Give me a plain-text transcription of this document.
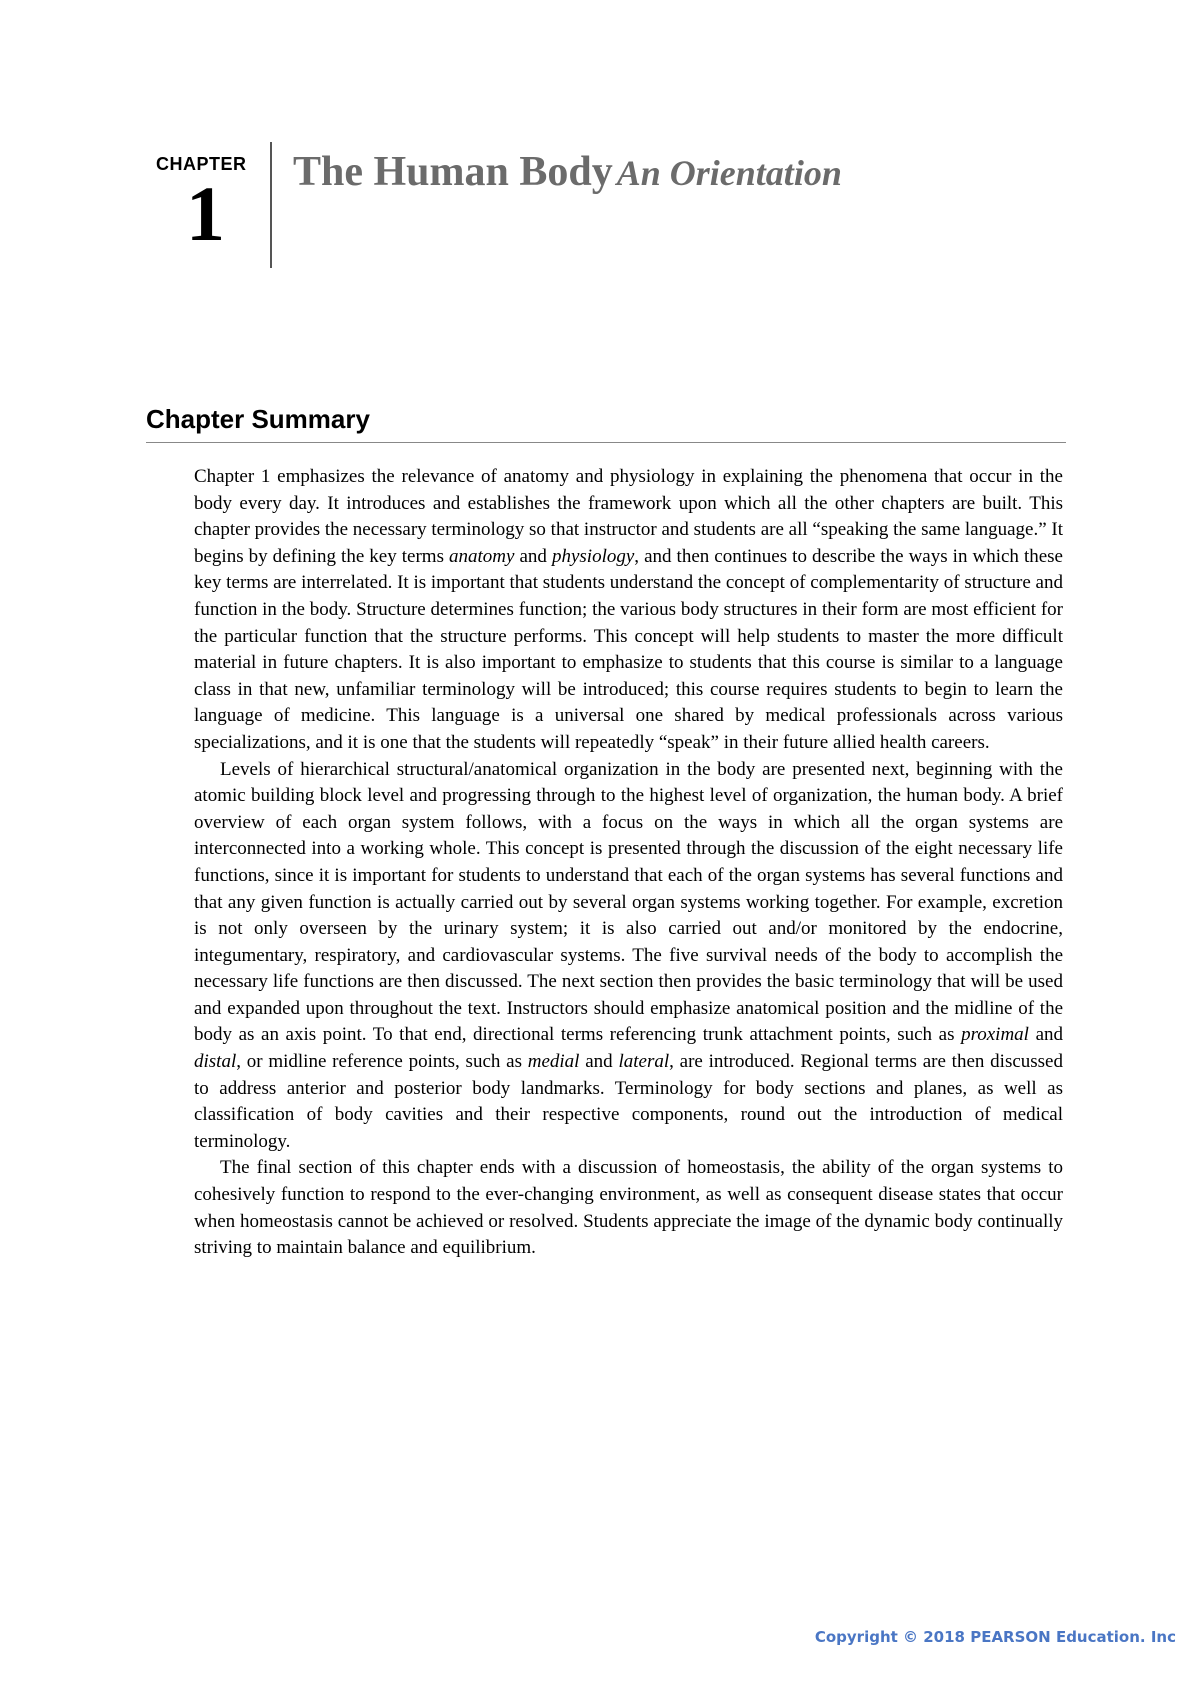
CHAPTER
1	The Human Body An Orientation
Chapter Summary

Chapter 1 emphasizes the relevance of anatomy and physiology in explaining the phenomena that occur in the body every day. It introduces and establishes the framework upon which all the other chapters are built. This chapter provides the necessary terminology so that instructor and students are all “speaking the same language.” It begins by defining the key terms anatomy and physiology, and then continues to describe the ways in which these key terms are interrelated. It is important that students understand the concept of complementarity of structure and function in the body. Structure determines function; the various body structures in their form are most efficient for the particular function that the structure performs. This concept will help students to master the more difficult material in future chapters. It is also important to emphasize to students that this course is similar to a language class in that new, unfamiliar terminology will be introduced; this course requires students to begin to learn the language of medicine. This language is a universal one shared by medical professionals across various specializations, and it is one that the students will repeatedly “speak” in their future allied health careers.

Levels of hierarchical structural/anatomical organization in the body are presented next, beginning with the atomic building block level and progressing through to the highest level of organization, the human body. A brief overview of each organ system follows, with a focus on the ways in which all the organ systems are interconnected into a working whole. This concept is presented through the discussion of the eight necessary life functions, since it is important for students to understand that each of the organ systems has several functions and that any given function is actually carried out by several organ systems working together. For example, excretion is not only overseen by the urinary system; it is also carried out and/or monitored by the endocrine, integumentary, respiratory, and cardiovascular systems. The five survival needs of the body to accomplish the necessary life functions are then discussed. The next section then provides the basic terminology that will be used and expanded upon throughout the text. Instructors should emphasize anatomical position and the midline of the body as an axis point. To that end, directional terms referencing trunk attachment points, such as proximal and distal, or midline reference points, such as medial and lateral, are introduced. Regional terms are then discussed to address anterior and posterior body landmarks. Terminology for body sections and planes, as well as classification of body cavities and their respective components, round out the introduction of medical terminology.

The final section of this chapter ends with a discussion of homeostasis, the ability of the organ systems to cohesively function to respond to the ever-changing environment, as well as consequent disease states that occur when homeostasis cannot be achieved or resolved. Students appreciate the image of the dynamic body continually striving to maintain balance and equilibrium.

Copyright © 2018 PEARSON Education. Inc
